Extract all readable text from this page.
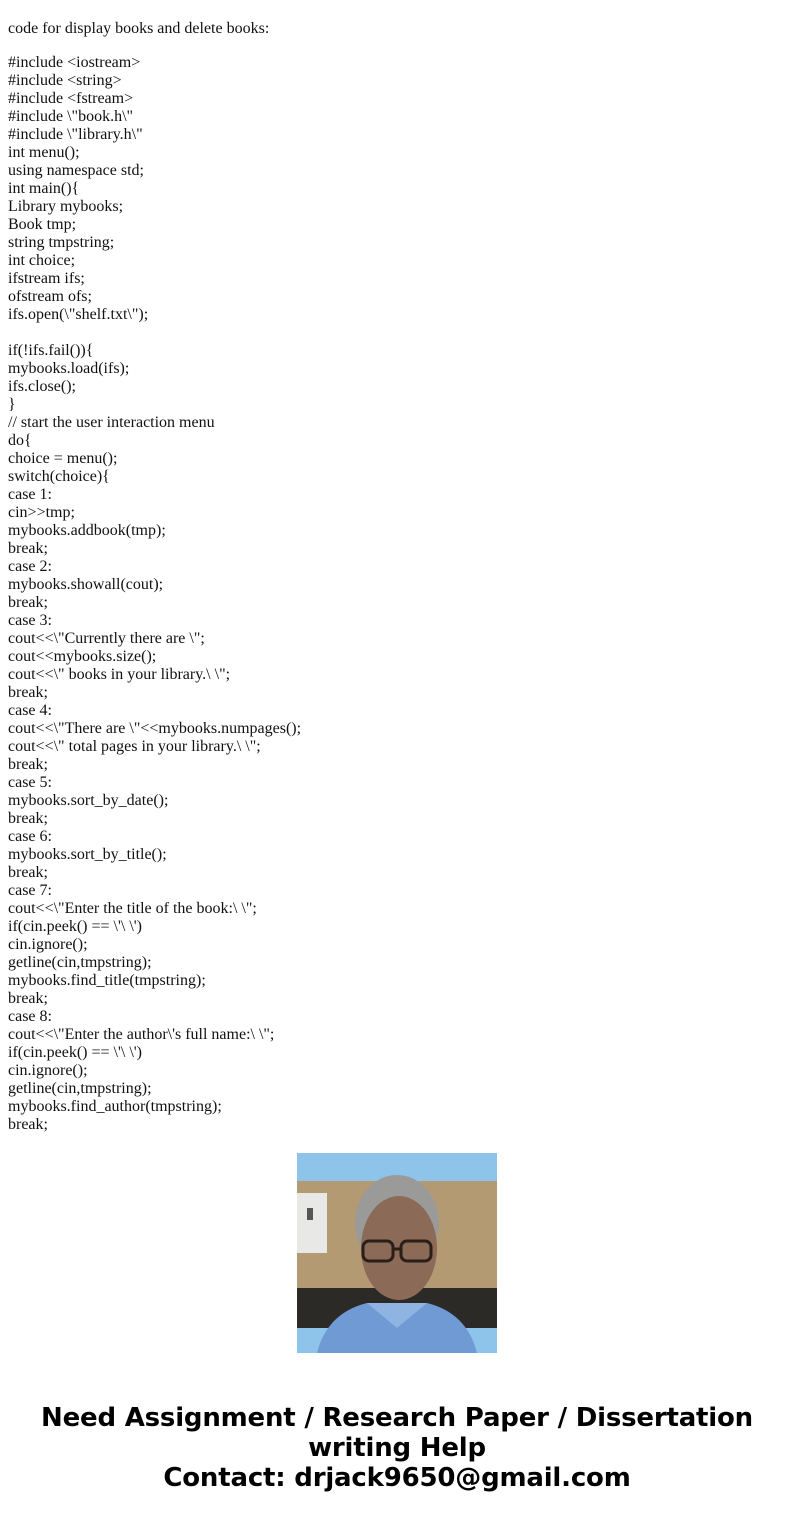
code for display books and delete books:

#include <iostream>
#include <string>
#include <fstream>
#include \"book.h\"
#include \"library.h\"
int menu();
using namespace std;
int main(){
Library mybooks;
Book tmp;
string tmpstring;
int choice;
ifstream ifs;
ofstream ofs;
ifs.open(\"shelf.txt\");
if(!ifs.fail()){
mybooks.load(ifs);
ifs.close();
}
// start the user interaction menu
do{
choice = menu();
switch(choice){
case 1:
cin>>tmp;
mybooks.addbook(tmp);
break;
case 2:
mybooks.showall(cout);
break;
case 3:
cout<<\"Currently there are \";
cout<<mybooks.size();
cout<<\" books in your library.\ \";
break;
case 4:
cout<<\"There are \"<<mybooks.numpages();
cout<<\" total pages in your library.\ \";
break;
case 5:
mybooks.sort_by_date();
break;
case 6:
mybooks.sort_by_title();
break;
case 7:
cout<<\"Enter the title of the book:\ \";
if(cin.peek() == \'\ \')
cin.ignore();
getline(cin,tmpstring);
mybooks.find_title(tmpstring);
break;
case 8:
cout<<\"Enter the author\'s full name:\ \";
if(cin.peek() == \'\ \')
cin.ignore();
getline(cin,tmpstring);
mybooks.find_author(tmpstring);
break;
Need Assignment / Research Paper / Dissertation
writing Help
Contact: drjack9650@gmail.com
